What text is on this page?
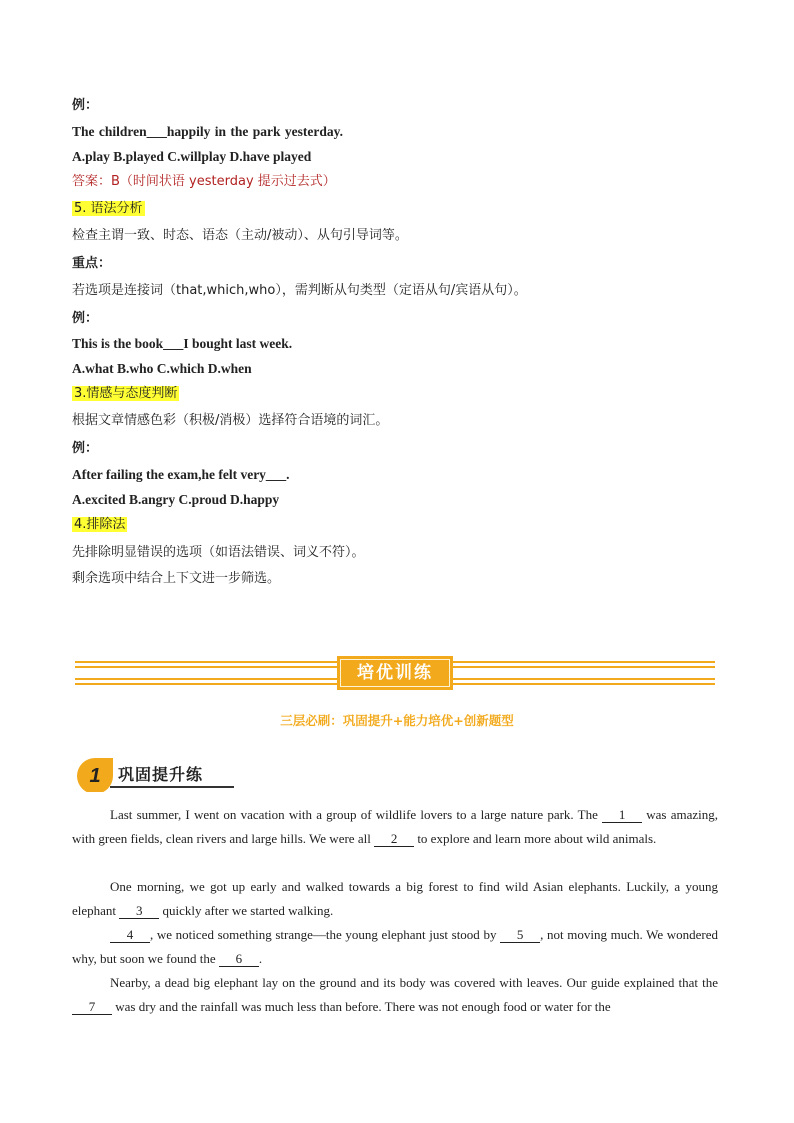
例：
The children___happily in the park yesterday.
A.play B.played C.willplay D.have played
答案：B（时间状语 yesterday 提示过去式）
5. 语法分析
检查主谓一致、时态、语态（主动/被动）、从句引导词等。
重点：
若选项是连接词（that,which,who），需判断从句类型（定语从句/宾语从句）。
例：
This is the book___I bought last week.
A.what B.who C.which D.when
3.情感与态度判断
根据文章情感色彩（积极/消极）选择符合语境的词汇。
例：
After failing the exam,he felt very___.
A.excited B.angry C.proud D.happy
4.排除法
先排除明显错误的选项（如语法错误、词义不符）。
剩余选项中结合上下文进一步筛选。
培优训练
三层必刷：巩固提升+能力培优+创新题型
1 巩固提升练
Last summer, I went on vacation with a group of wildlife lovers to a large nature park. The 1 was amazing, with green fields, clean rivers and large hills. We were all 2 to explore and learn more about wild animals.
One morning, we got up early and walked towards a big forest to find wild Asian elephants. Luckily, a young elephant 3 quickly after we started walking.
4 , we noticed something strange—the young elephant just stood by 5 , not moving much. We wondered why, but soon we found the 6 .
Nearby, a dead big elephant lay on the ground and its body was covered with leaves. Our guide explained that the 7 was dry and the rainfall was much less than before. There was not enough food or water for the
